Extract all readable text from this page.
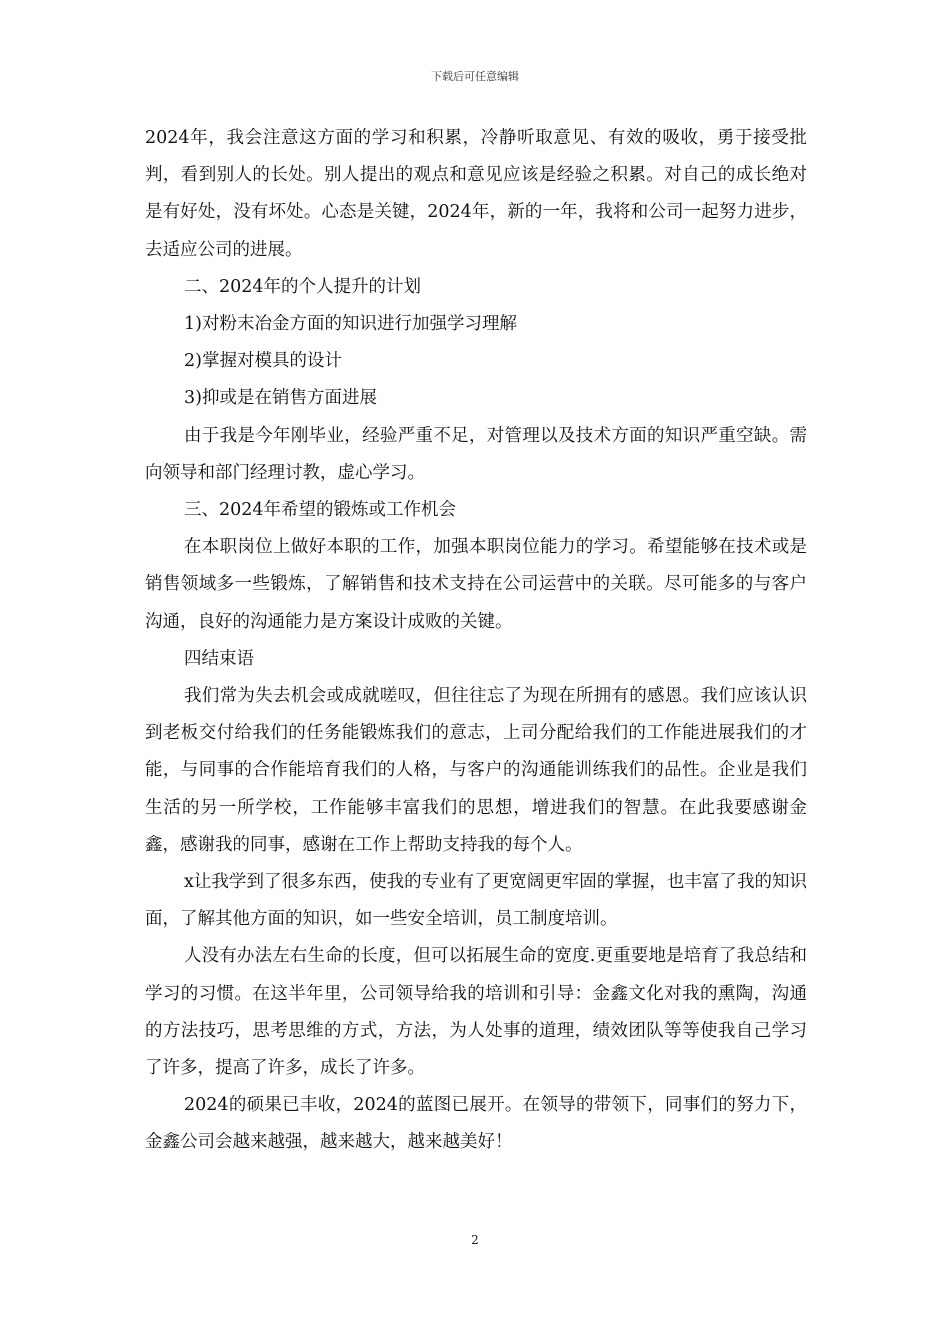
下载后可任意编辑

2024年，我会注意这方面的学习和积累，冷静听取意见、有效的吸收，勇于接受批判，看到别人的长处。别人提出的观点和意见应该是经验之积累。对自己的成长绝对是有好处，没有坏处。心态是关键，2024年，新的一年，我将和公司一起努力进步，去适应公司的进展。

二、2024年的个人提升的计划

1)对粉末冶金方面的知识进行加强学习理解

2)掌握对模具的设计

3)抑或是在销售方面进展

由于我是今年刚毕业，经验严重不足，对管理以及技术方面的知识严重空缺。需向领导和部门经理讨教，虚心学习。

三、2024年希望的锻炼或工作机会

在本职岗位上做好本职的工作，加强本职岗位能力的学习。希望能够在技术或是销售领域多一些锻炼，了解销售和技术支持在公司运营中的关联。尽可能多的与客户沟通，良好的沟通能力是方案设计成败的关键。

四结束语

我们常为失去机会或成就嗟叹，但往往忘了为现在所拥有的感恩。我们应该认识到老板交付给我们的任务能锻炼我们的意志，上司分配给我们的工作能进展我们的才能，与同事的合作能培育我们的人格，与客户的沟通能训练我们的品性。企业是我们生活的另一所学校，工作能够丰富我们的思想，增进我们的智慧。在此我要感谢金鑫，感谢我的同事，感谢在工作上帮助支持我的每个人。

x让我学到了很多东西，使我的专业有了更宽阔更牢固的掌握，也丰富了我的知识面，了解其他方面的知识，如一些安全培训，员工制度培训。

人没有办法左右生命的长度，但可以拓展生命的宽度.更重要地是培育了我总结和学习的习惯。在这半年里，公司领导给我的培训和引导：金鑫文化对我的熏陶，沟通的方法技巧，思考思维的方式，方法，为人处事的道理，绩效团队等等使我自己学习了许多，提高了许多，成长了许多。

2024的硕果已丰收，2024的蓝图已展开。在领导的带领下，同事们的努力下，金鑫公司会越来越强，越来越大，越来越美好！

2
